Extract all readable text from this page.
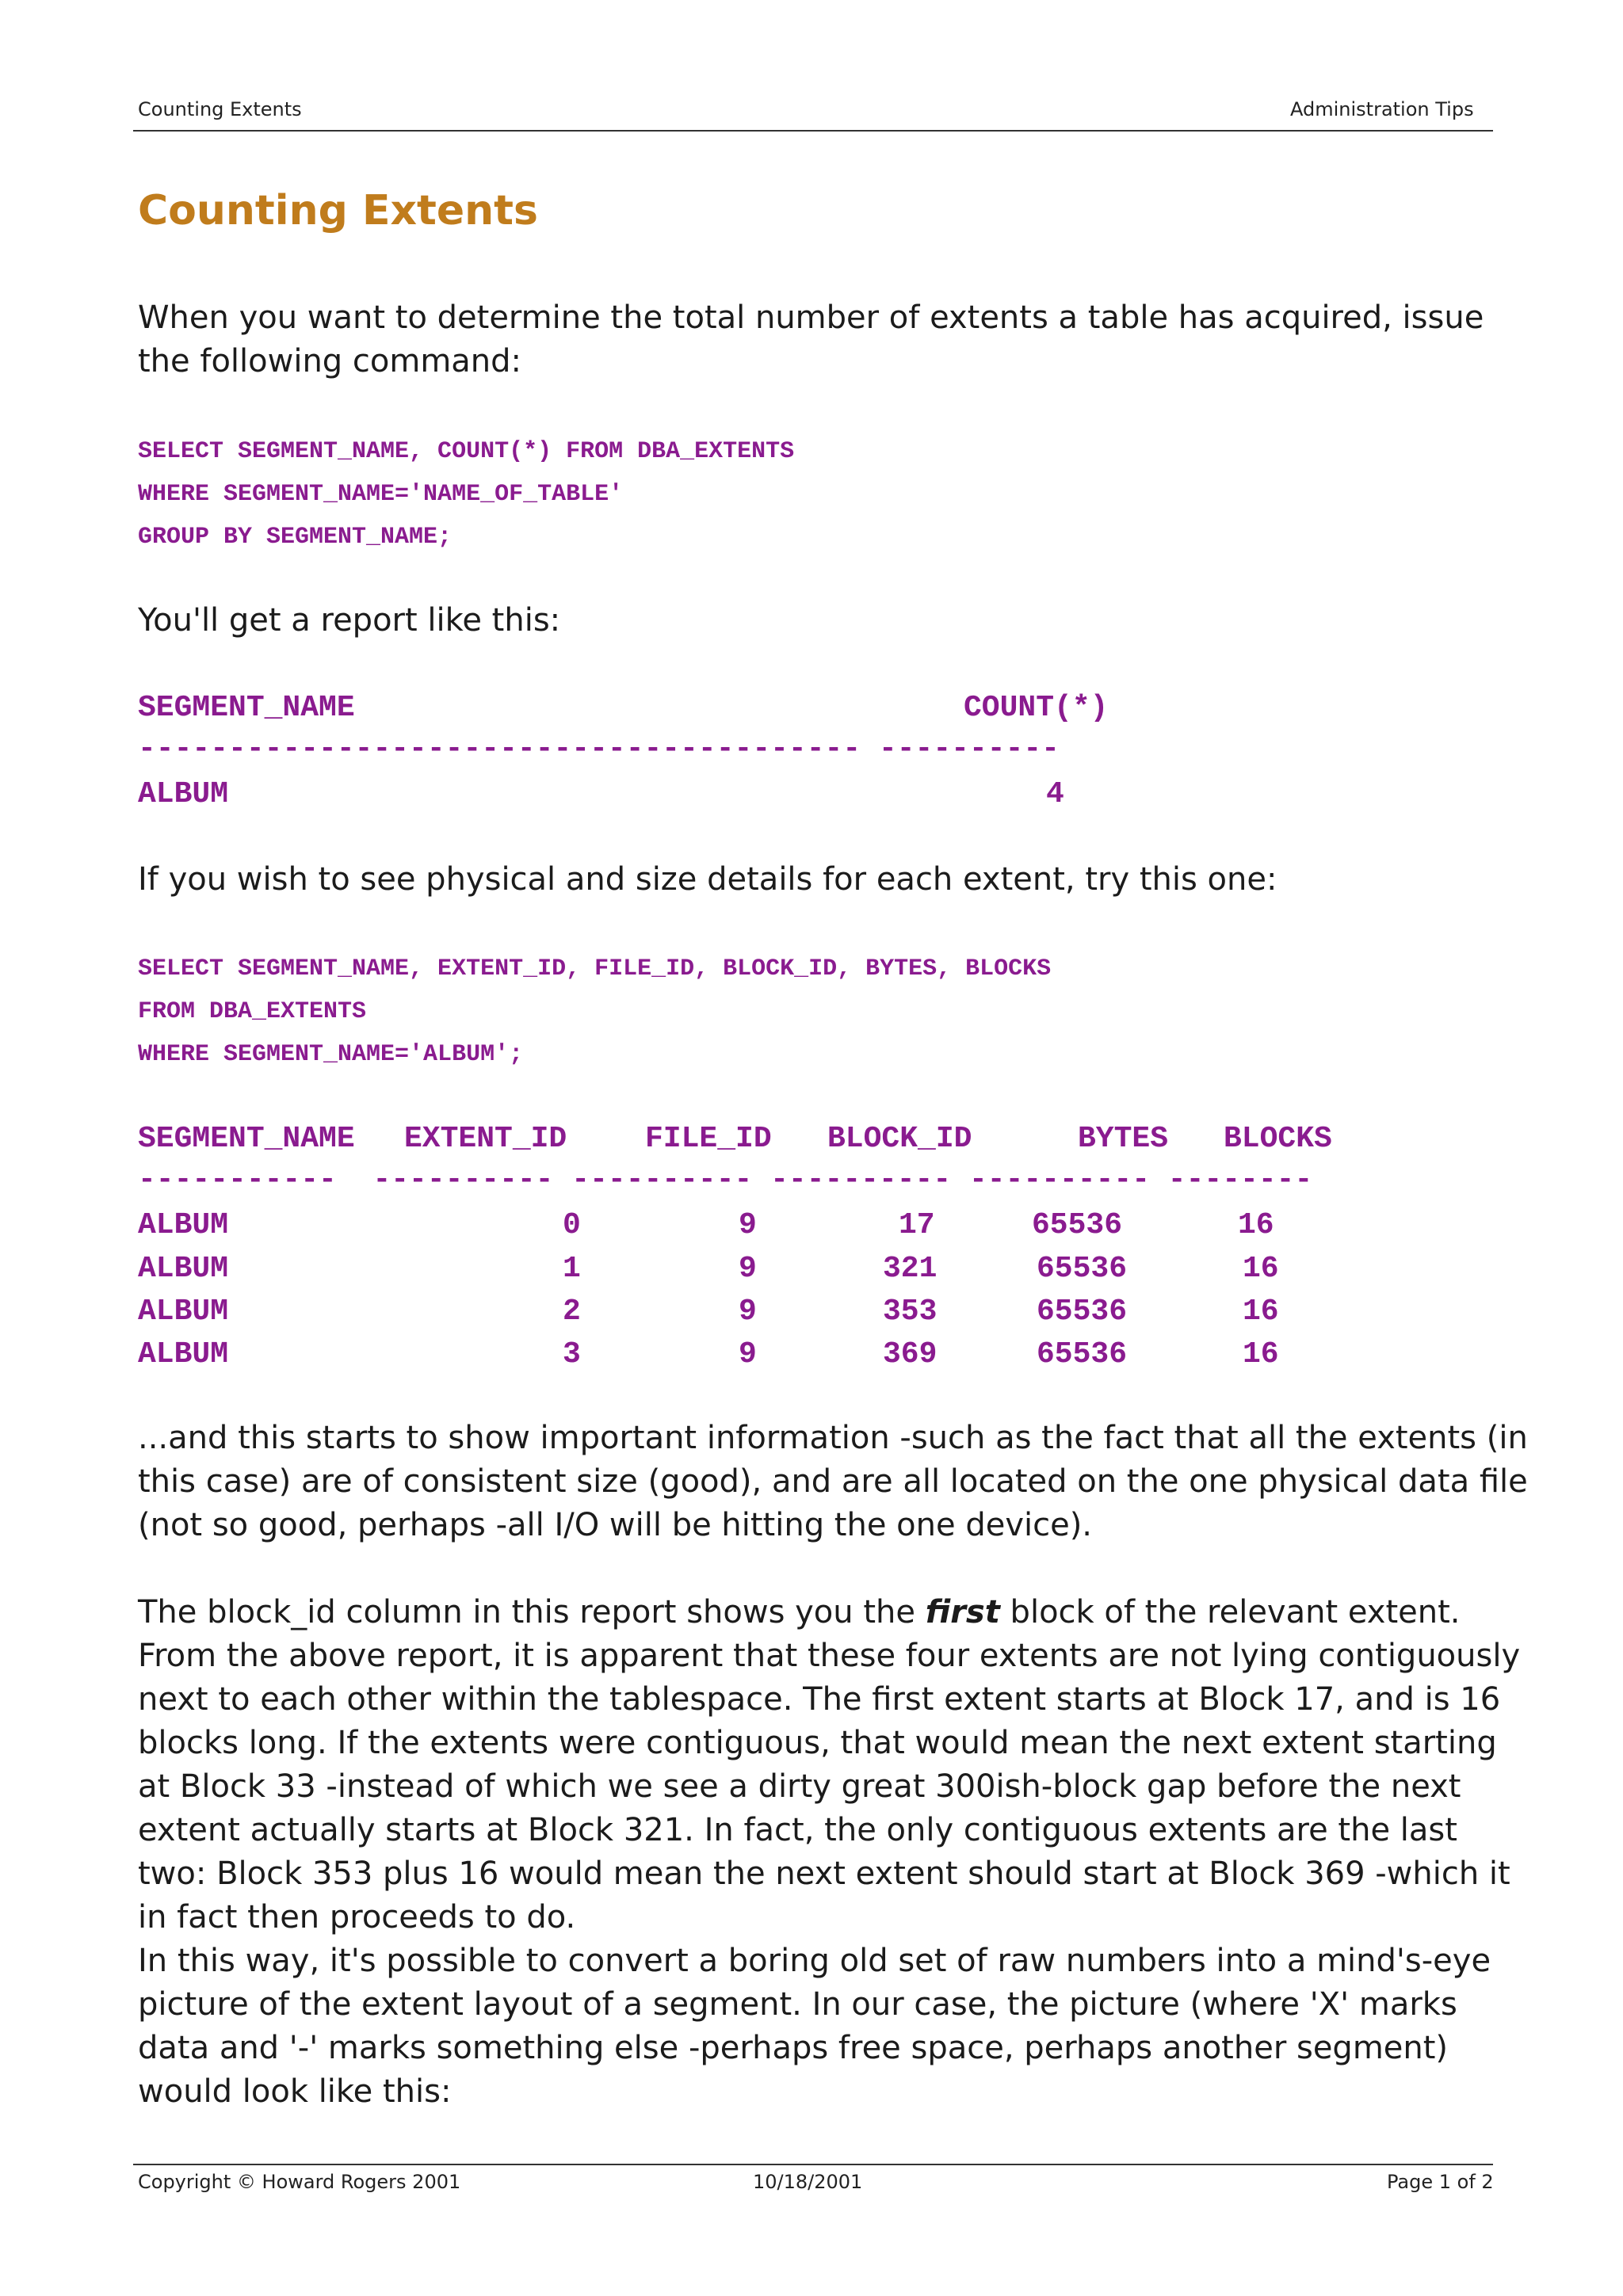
Counting Extents	Administration Tips
Counting Extents
When you want to determine the total number of extents a table has acquired, issue the following command:
SELECT SEGMENT_NAME, COUNT(*) FROM DBA_EXTENTS
WHERE SEGMENT_NAME='NAME_OF_TABLE'
GROUP BY SEGMENT_NAME;
You'll get a report like this:
SEGMENT_NAME	COUNT(*)
---------------------------------------- ----------
ALBUM	4
If you wish to see physical and size details for each extent, try this one:
SELECT SEGMENT_NAME, EXTENT_ID, FILE_ID, BLOCK_ID, BYTES, BLOCKS
FROM DBA_EXTENTS
WHERE SEGMENT_NAME='ALBUM';
SEGMENT_NAME EXTENT_ID	FILE_ID BLOCK_ID	BYTES BLOCKS
-----------  ---------- ---------- ---------- ---------- --------
ALBUM	0	9	17	65536	16
ALBUM	1	9	321	65536	16
ALBUM	2	9	353	65536	16
ALBUM	3	9	369	65536	16
...and this starts to show important information -such as the fact that all the extents (in this case) are of consistent size (good), and are all located on the one physical data file (not so good, perhaps -all I/O will be hitting the one device).
The block_id column in this report shows you the first block of the relevant extent. From the above report, it is apparent that these four extents are not lying contiguously next to each other within the tablespace. The first extent starts at Block 17, and is 16 blocks long. If the extents were contiguous, that would mean the next extent starting at Block 33 -instead of which we see a dirty great 300ish-block gap before the next extent actually starts at Block 321. In fact, the only contiguous extents are the last two: Block 353 plus 16 would mean the next extent should start at Block 369 -which it in fact then proceeds to do.
In this way, it's possible to convert a boring old set of raw numbers into a mind's-eye picture of the extent layout of a segment. In our case, the picture (where 'X' marks data and '-' marks something else -perhaps free space, perhaps another segment) would look like this:
Copyright © Howard Rogers 2001	10/18/2001	Page 1 of 2
